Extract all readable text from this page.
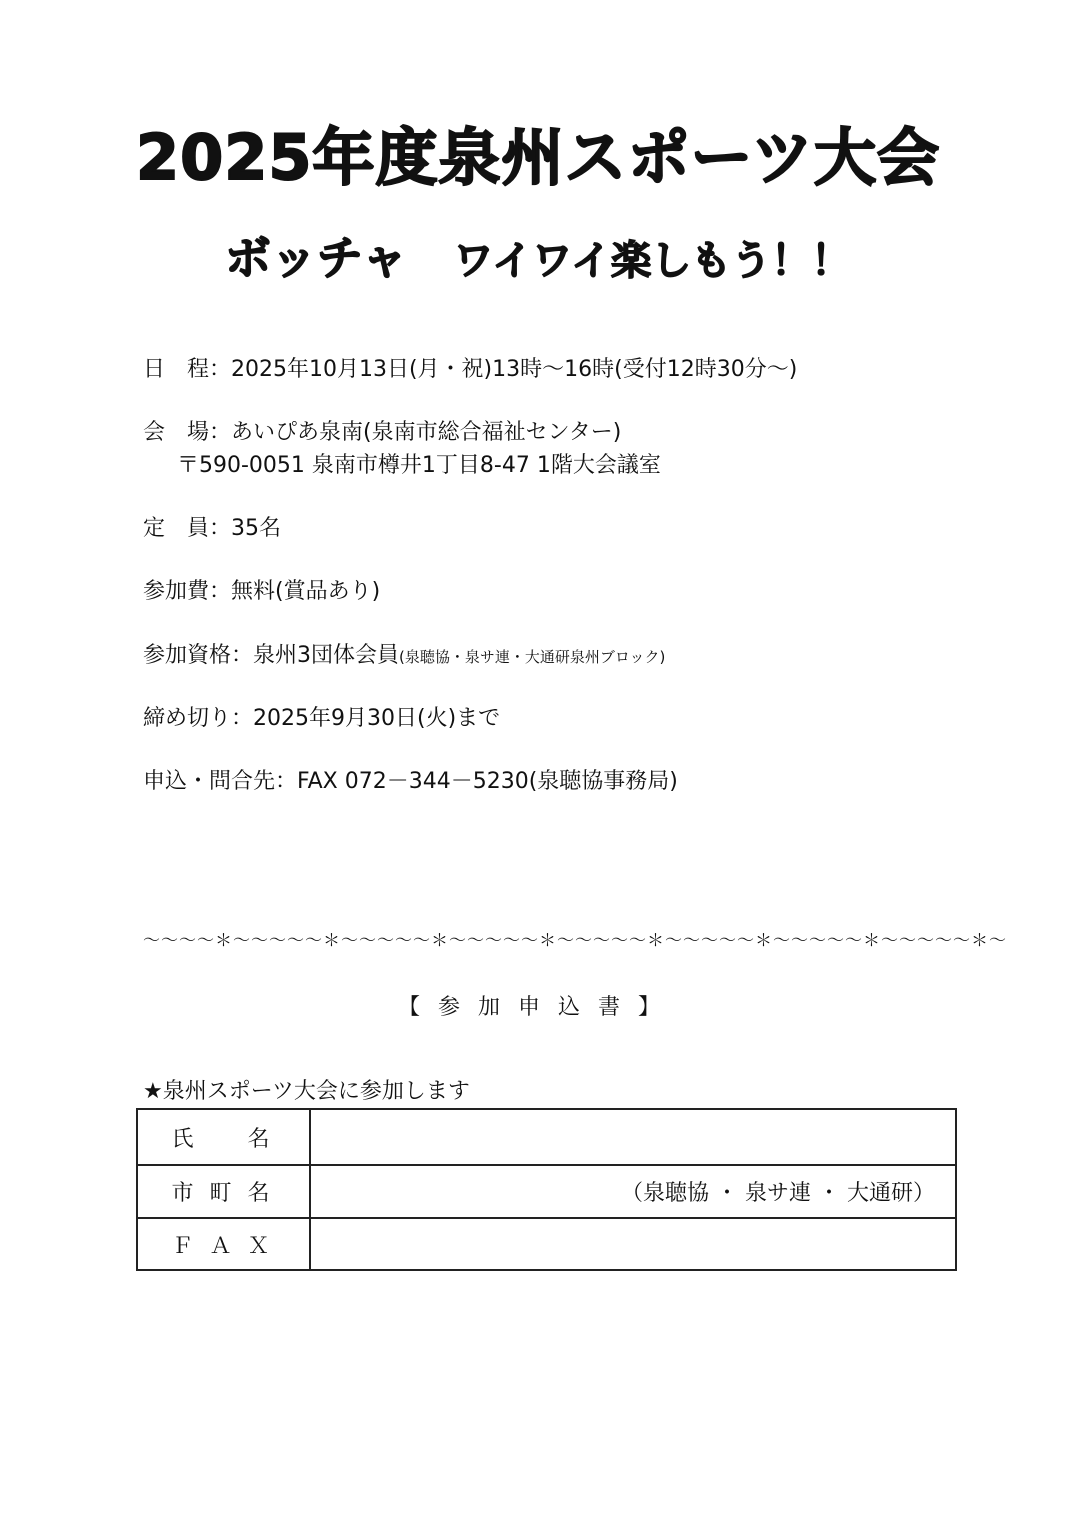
2025年度泉州スポーツ大会
ボッチャ ワイワイ楽しもう！！
日　程：2025年10月13日(月・祝)13時～16時(受付12時30分～)
会　場：あいぴあ泉南(泉南市総合福祉センター)
〒590-0051 泉南市樽井1丁目8-47 1階大会議室
定　員：35名
参加費：無料(賞品あり)
参加資格：泉州3団体会員(泉聴協・泉サ連・大通研泉州ブロック)
締め切り：2025年9月30日(火)まで
申込・問合先：FAX 072－344－5230(泉聴協事務局)
～～～～＊～～～～～＊～～～～～＊～～～～～＊～～～～～＊～～～～～＊～～～～～＊～～～～～＊～
【参加申込書】
★泉州スポーツ大会に参加します
氏　名	
市町名	（泉聴協 ・ 泉サ連 ・ 大通研）
ＦＡＸ	
